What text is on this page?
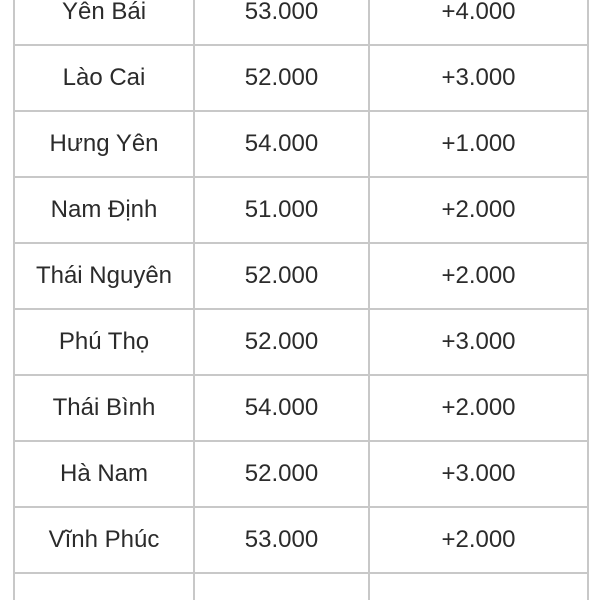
Yên Bái	53.000	+4.000
Lào Cai	52.000	+3.000
Hưng Yên	54.000	+1.000
Nam Định	51.000	+2.000
Thái Nguyên	52.000	+2.000
Phú Thọ	52.000	+3.000
Thái Bình	54.000	+2.000
Hà Nam	52.000	+3.000
Vĩnh Phúc	53.000	+2.000
